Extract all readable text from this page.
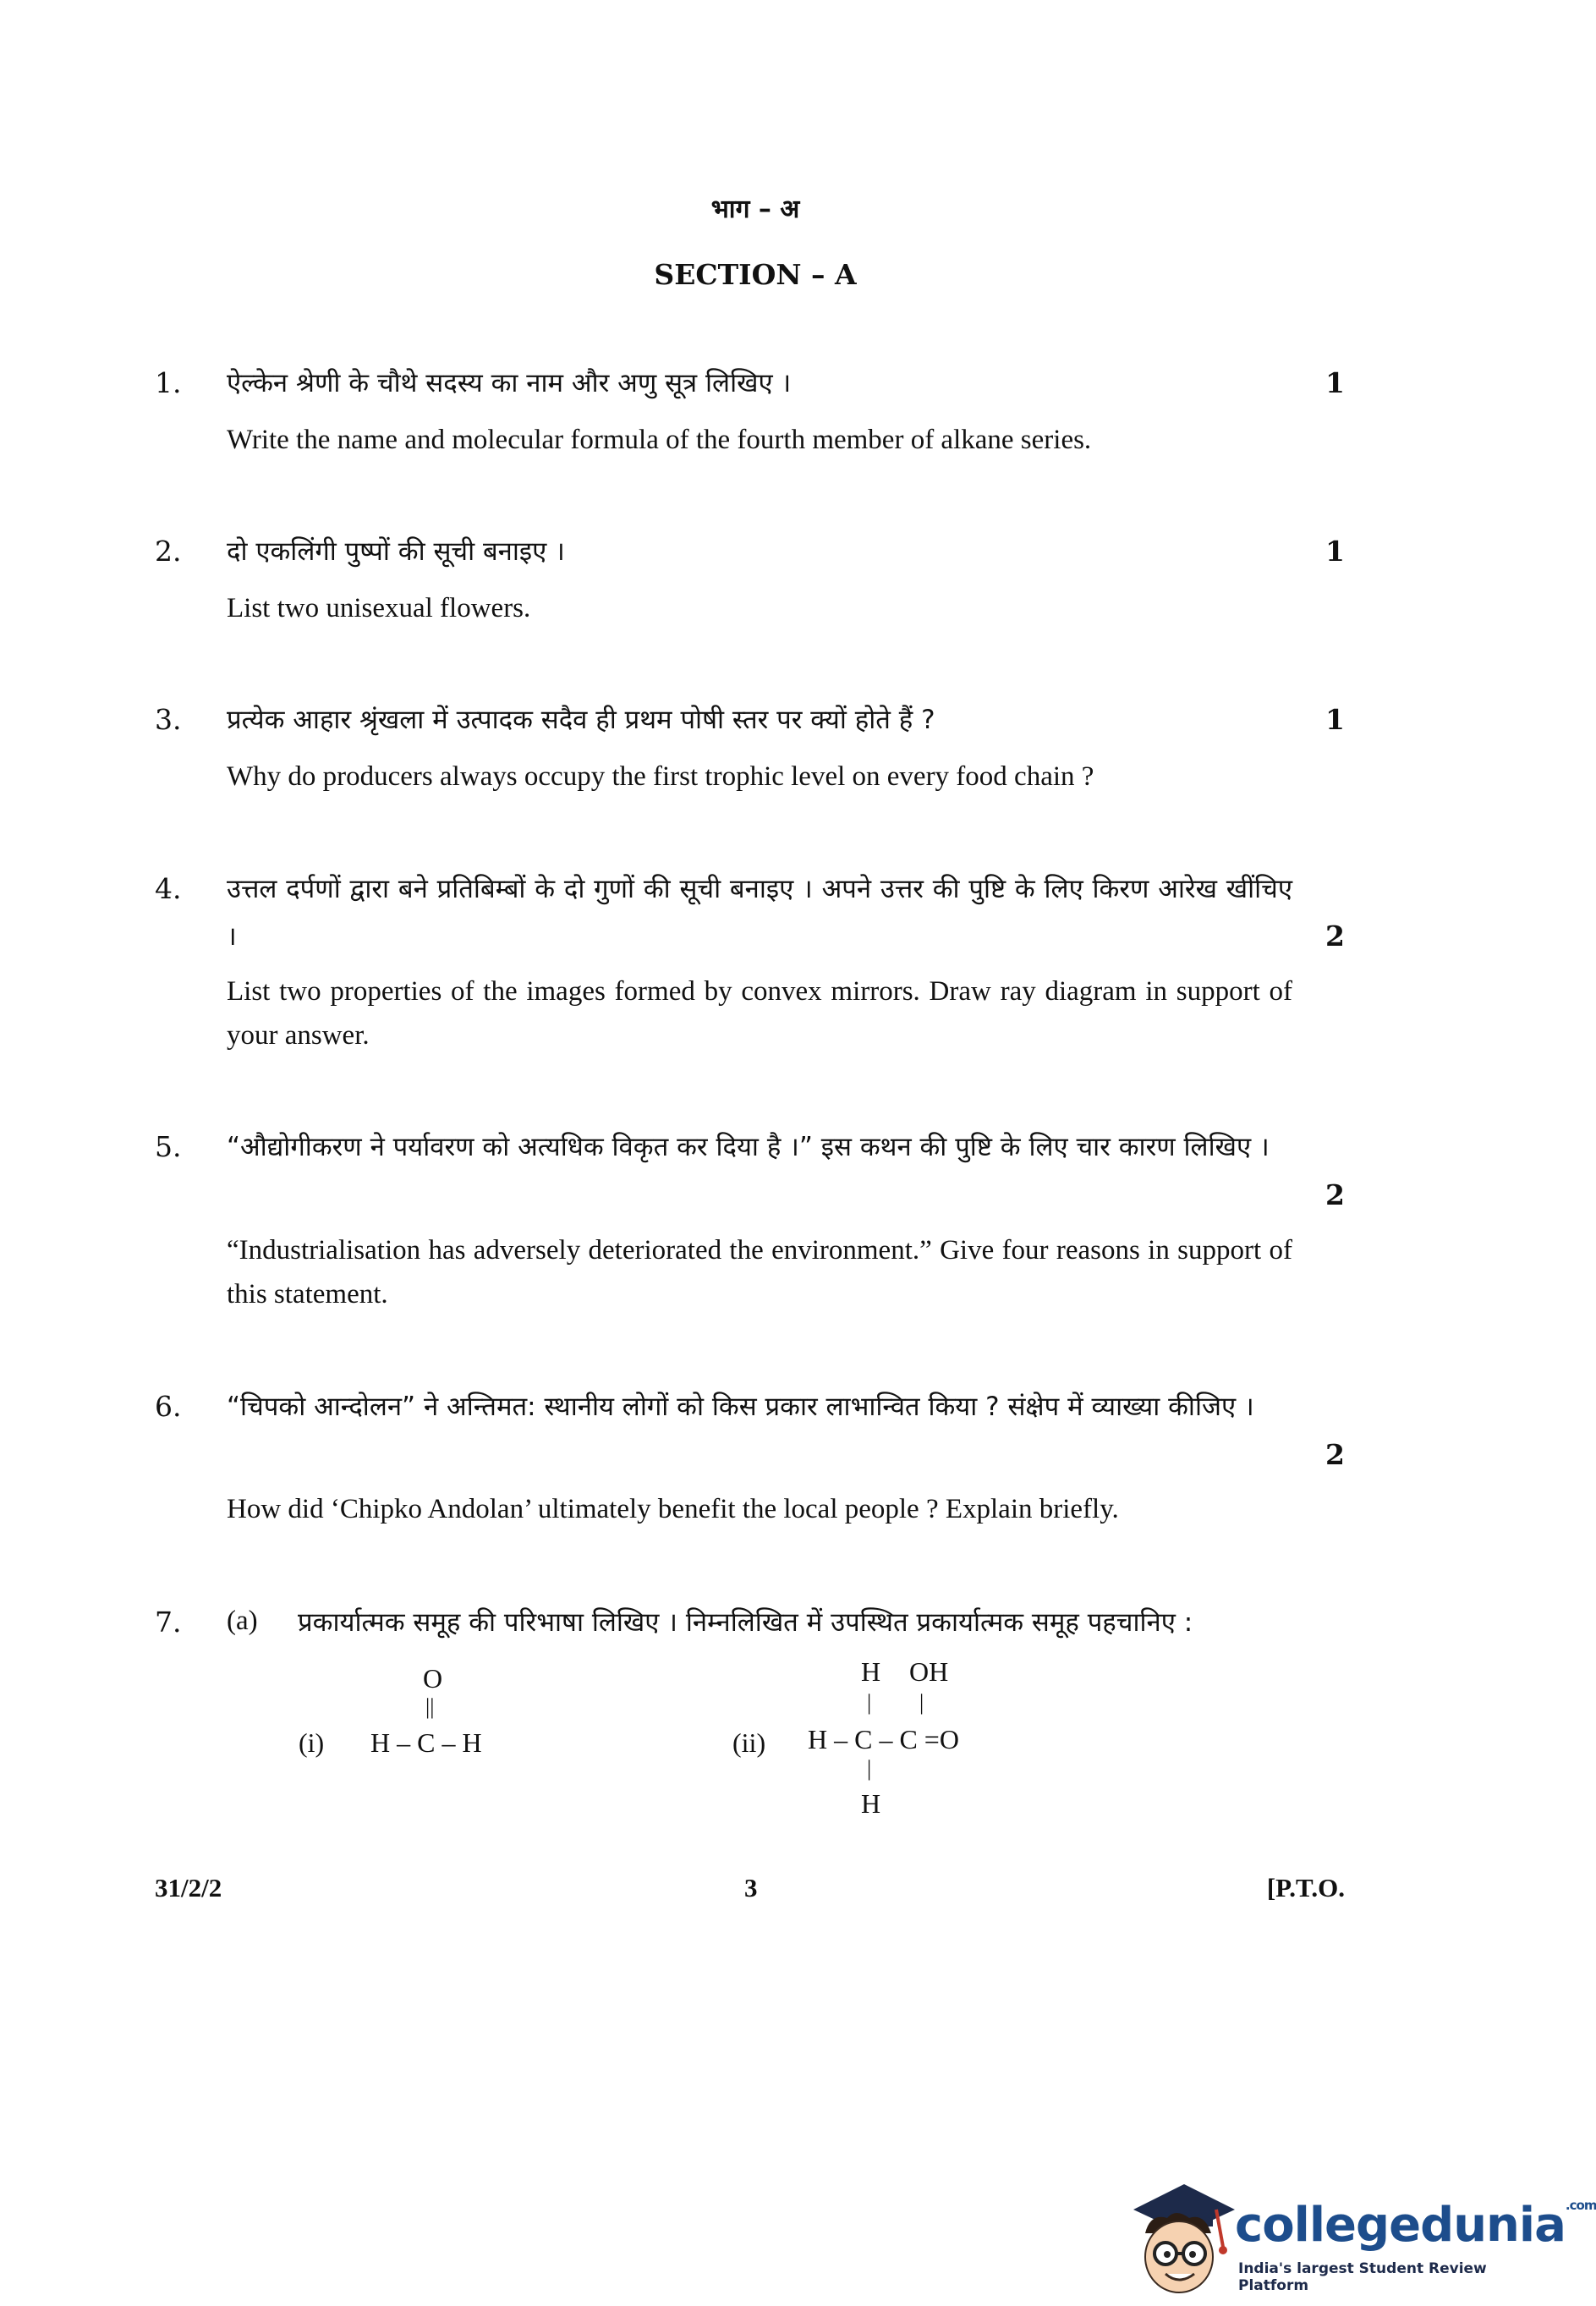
भाग – अ
SECTION – A
1. ऐल्केन श्रेणी के चौथे सदस्य का नाम और अणु सूत्र लिखिए ।	1
Write the name and molecular formula of the fourth member of alkane series.
2. दो एकलिंगी पुष्पों की सूची बनाइए ।	1
List two unisexual flowers.
3. प्रत्येक आहार श्रृंखला में उत्पादक सदैव ही प्रथम पोषी स्तर पर क्यों होते हैं ?	1
Why do producers always occupy the first trophic level on every food chain ?
4. उत्तल दर्पणों द्वारा बने प्रतिबिम्बों के दो गुणों की सूची बनाइए । अपने उत्तर की पुष्टि के लिए किरण आरेख खींचिए ।	2
List two properties of the images formed by convex mirrors. Draw ray diagram in support of your answer.
5. “औद्योगीकरण ने पर्यावरण को अत्यधिक विकृत कर दिया है ।” इस कथन की पुष्टि के लिए चार कारण लिखिए ।
2
“Industrialisation has adversely deteriorated the environment.” Give four reasons in support of this statement.
6. “चिपको आन्दोलन” ने अन्तिमत: स्थानीय लोगों को किस प्रकार लाभान्वित किया ? संक्षेप में व्याख्या कीजिए ।
2
How did ‘Chipko Andolan’ ultimately benefit the local people ? Explain briefly.
7. (a) प्रकार्यात्मक समूह की परिभाषा लिखिए । निम्नलिखित में उपस्थित प्रकार्यात्मक समूह पहचानिए :
(i)
O
||
H – C – H	(ii)
H OH
| |
H – C – C =O
|
H
31/2/2	3	[P.T.O.
collegedunia$^{.com}$
India's largest Student Review Platform
